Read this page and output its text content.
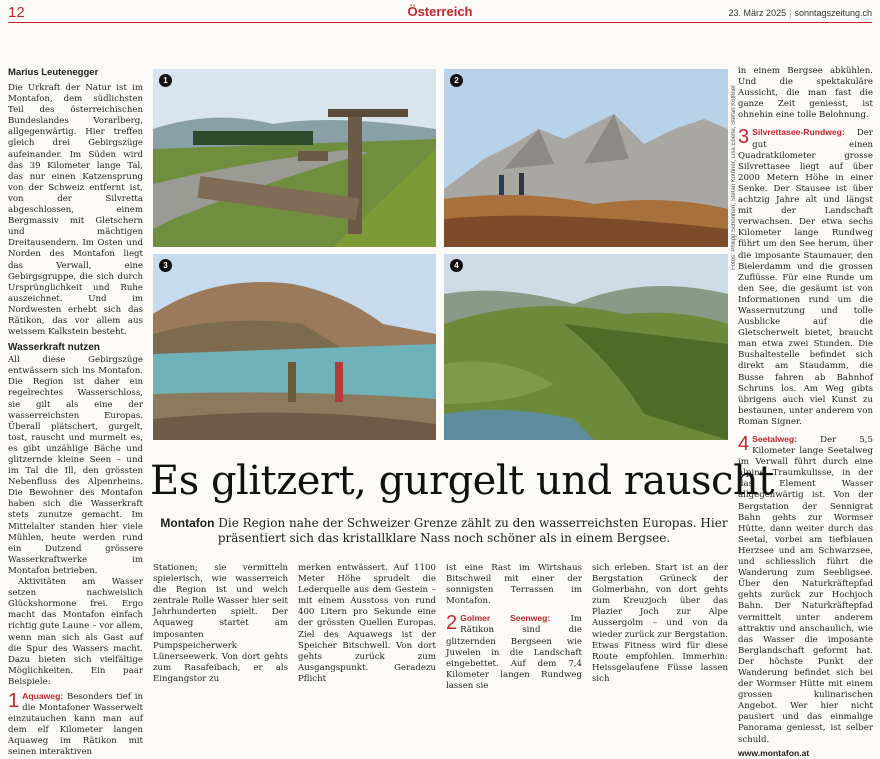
12	Österreich	23. März 2025 | sonntagszeitung.ch
Marius Leutenegger

Die Urkraft der Natur ist im Montafon, dem südlichsten Teil des österreichischen Bundeslandes Vorarlberg, allgegenwärtig. Hier treffen gleich drei Gebirgszüge aufeinander. Im Süden wird das 39 Kilometer lange Tal, das nur einen Katzensprung von der Schweiz entfernt ist, von der Silvretta abgeschlossen, einem Bergmassiv mit Gletschern und mächtigen Dreitausendern. Im Osten und Norden des Montafon liegt das Verwall, eine Gebirgsgruppe, die sich durch Ursprünglichkeit und Ruhe auszeichnet. Und im Nordwesten erhebt sich das Rätikon, das vor allem aus weissem Kalkstein besteht.

Wasserkraft nutzen

All diese Gebirgszüge entwässern sich ins Montafon. Die Region ist daher ein regelrechtes Wasserschloss, sie gilt als eine der wasserreichsten Europas. Überall plätschert, gurgelt, tost, rauscht und murmelt es, es gibt unzählige Bäche und glitzernde kleine Seen – und im Tal die Ill, den grössten Nebenfluss des Alpenrheins. Die Bewohner des Montafon haben sich die Wasserkraft stets zunutze gemacht. Im Mittelalter standen hier viele Mühlen, heute werden rund ein Dutzend grössere Wasserkraftwerke im Montafon betrieben.

Aktivitäten am Wasser setzen nachweislich Glückshormone frei. Ergo macht das Montafon einfach richtig gute Laune – vor allem, wenn man sich als Gast auf die Spur des Wassers macht. Dazu bieten sich vielfältige Möglichkeiten. Ein paar Beispiele:

1 Aquaweg: Besonders tief in die Montafoner Wasserwelt einzutauchen kann man auf dem elf Kilometer langen Aquaweg im Rätikon mit seinen interaktiven

1	2
Fotos: Philipp Schönherr, Stefan Kothner, Lisa Eberle, Stefan Kothner
3	4
Es glitzert, gurgelt und rauscht
Montafon Die Region nahe der Schweizer Grenze zählt zu den wasserreichsten Europas. Hier präsentiert sich das kristallklare Nass noch schöner als in einem Bergsee.

Stationen; sie vermitteln spielerisch, wie wasserreich die Region ist und welch zentrale Rolle Wasser hier seit Jahrhunderten spielt. Der Aquaweg startet am imposanten Pumpspeicherwerk Lünerseewerk. Von dort gehts zum Rasafeibach, er als Eingangstor zu

merken entwässert. Auf 1100 Meter Höhe sprudelt die Lederquelle aus dem Gestein – mit einem Ausstoss von rund 400 Litern pro Sekunde eine der grössten Quellen Europas. Ziel des Aquawegs ist der Speicher Bitschwell. Von dort gehts zurück zum Ausgangspunkt. Geradezu Pflicht

ist eine Rast im Wirtshaus Bitschweil mit einer der sonnigsten Terrassen im Montafon.

2 Golmer Seenweg: Im Rätikon sind die glitzernden Bergseen wie Juwelen in die Landschaft eingebettet. Auf dem 7,4 Kilometer langen Rundweg lassen sie

sich erleben. Start ist an der Bergstation Grüneck der Golmerbahn, von dort gehts zum Kreuzjoch über das Plazier Joch zur Alpe Aussergolm – und von da wieder zurück zur Bergstation. Etwas Fitness wird für diese Route empfohlen. Immerhin: Heissgelaufene Füsse lassen sich

in einem Bergsee abkühlen. Und die spektakuläre Aussicht, die man fast die ganze Zeit geniesst, ist ohnehin eine tolle Belohnung.

3 Silvrettasee-Rundweg: Der gut einen Quadratkilometer grosse Silvrettasee liegt auf über 2000 Metern Höhe in einer Senke. Der Stausee ist über achtzig Jahre alt und längst mit der Landschaft verwachsen. Der etwa sechs Kilometer lange Rundweg führt um den See herum, über die imposante Staumauer, den Bielerdamm und die grossen Zuflüsse. Für eine Runde um den See, die gesäumt ist von Informationen rund um die Wassernutzung und tolle Ausblicke auf die Gletscherwelt bietet, braucht man etwa zwei Stunden. Die Bushaltestelle befindet sich direkt am Staudamm, die Busse fahren ab Bahnhof Schruns los. Am Weg gibts übrigens auch viel Kunst zu bestaunen, unter anderem von Roman Signer.

4 Seetalweg:	Der 5,5 Kilometer lange Seetalweg im Verwall führt durch eine alpine Traumkulisse, in der das Element Wasser allgegenwärtig ist. Von der Bergstation der Sennigrat Bahn gehts zur Wormser Hütte, dann weiter durch das Seetal, vorbei am tiefblauen Herzsee und am Schwarzsee, und schliesslich führt die Wanderung zum Seebligsee. Über den Naturkräftepfad gehts zurück zur Hochjoch Bahn. Der Naturkräftepfad vermittelt unter anderem attraktiv und anschaulich, wie das Wasser die imposante Berglandschaft geformt hat. Der höchste Punkt der Wanderung befindet sich bei der Wormser Hütte mit einem grossen kulinarischen Angebot. Wer hier nicht pausiert und das einmalige Panorama geniesst, ist selber schuld.

www.montafon.at
